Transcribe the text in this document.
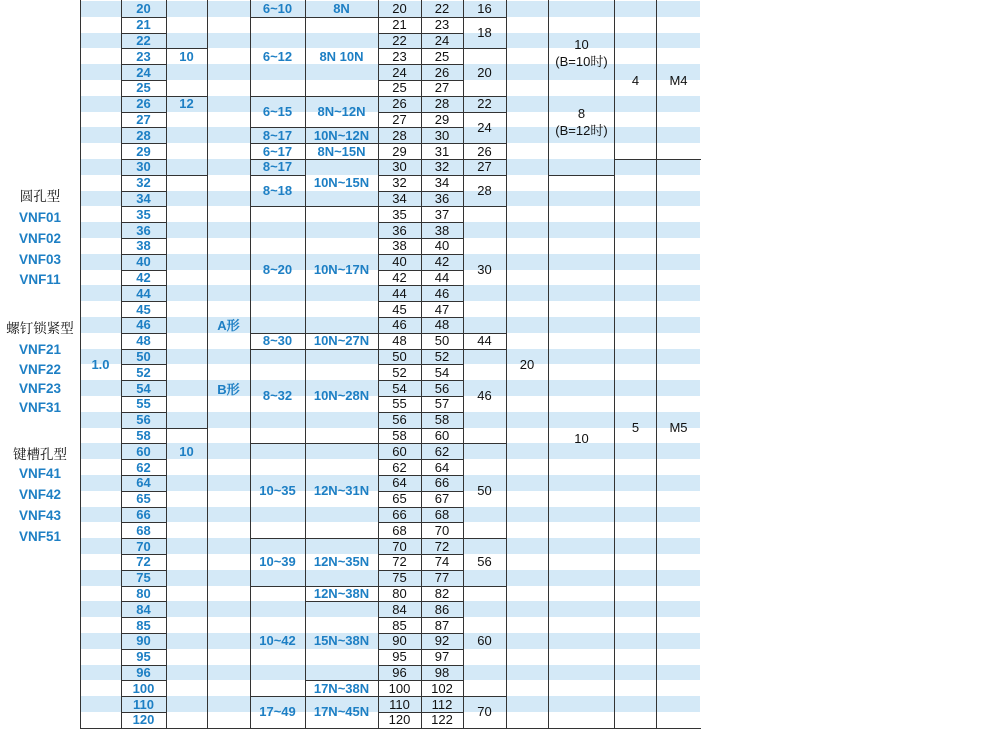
20
21
22
23
24
25
26
27
28
29
30
32
34
35
36
38
40
42
44
45
46
48
50
52
54
55
56
58
60
62
64
65
66
68
70
72
75
80
84
85
90
95
96
100
110
120
20
21
22
23
24
25
26
27
28
29
30
32
34
35
36
38
40
42
44
45
46
48
50
52
54
55
56
58
60
62
64
65
66
68
70
72
75
80
84
85
90
95
96
100
110
120
22
23
24
25
26
27
28
29
30
31
32
34
36
37
38
40
42
44
46
47
48
50
52
54
56
57
58
60
62
64
66
67
68
70
72
74
77
82
86
87
92
97
98
102
112
122
6~10
6~12
6~15
8~17
6~17
8~17
8~18
8~20
8~30
8~32
10~35
10~39
10~42
17~49
8N
8N 10N
8N~12N
10N~12N
8N~15N
10N~15N
10N~17N
10N~27N
10N~28N
12N~31N
12N~35N
12N~38N
15N~38N
17N~38N
17N~45N
16
18
20
22
24
26
27
28
30
44
46
50
56
60
70
10
12
10
A形
B形
圆孔型
VNF01
VNF02
VNF03
VNF11
螺钉锁紧型
VNF21
VNF22
VNF23
VNF31
键槽孔型
VNF41
VNF42
VNF43
VNF51
1.0	20
10
(B=10时)
8
(B=12时)
10
4
5
M4
M5
